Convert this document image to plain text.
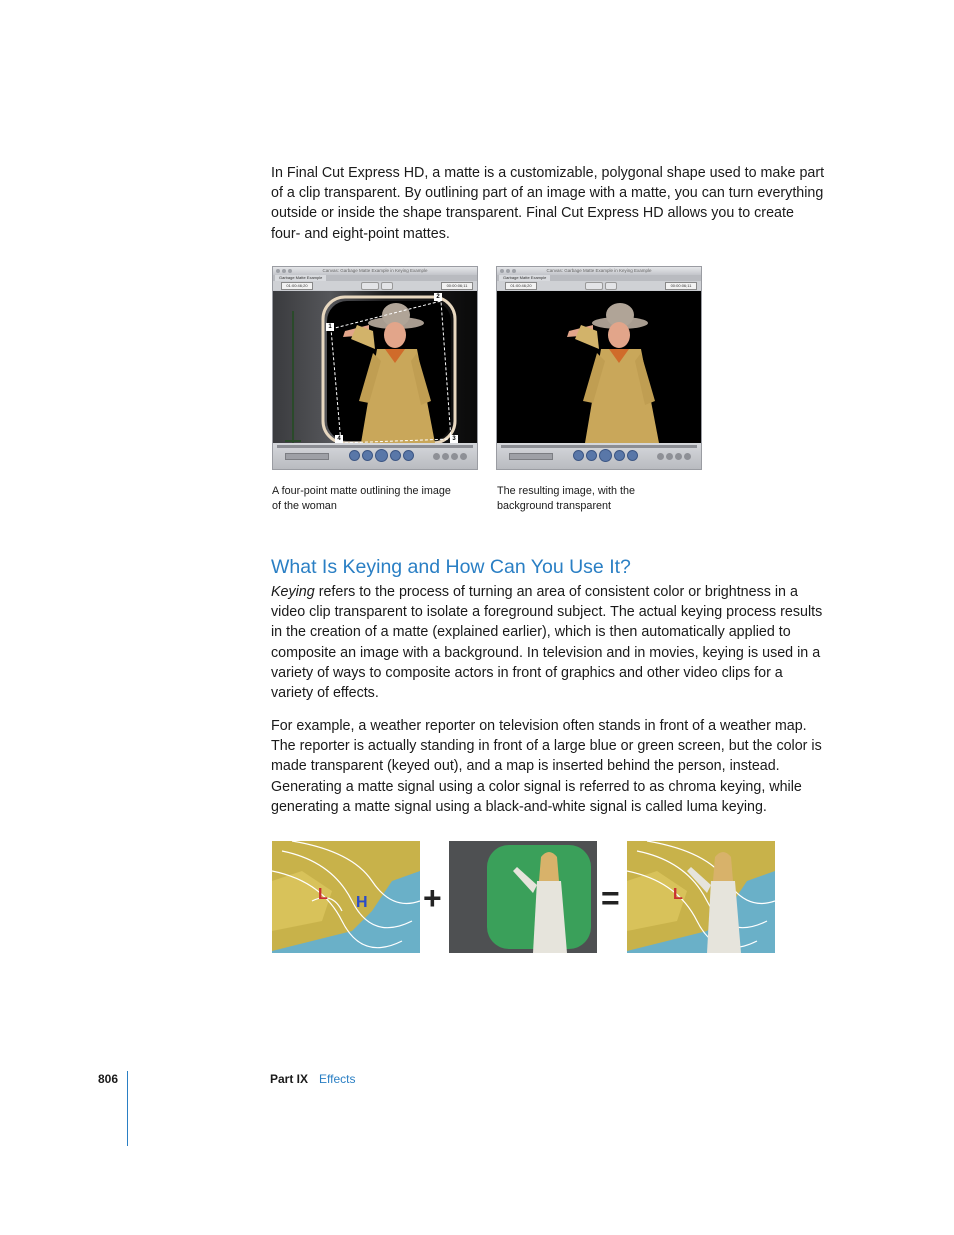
In Final Cut Express HD, a matte is a customizable, polygonal shape used to make part of a clip transparent. By outlining part of an image with a matte, you can turn everything outside or inside the shape transparent. Final Cut Express HD allows you to create four- and eight-point mattes.

Canvas: Garbage Matte Example in Keying Example
Garbage Matte Example
01:00:46;20	00:00:06;11
1
2
3
4
Canvas: Garbage Matte Example in Keying Example
Garbage Matte Example
01:00:46;20	00:00:06;11

A four-point matte outlining the image of the woman

The resulting image, with the background transparent

What Is Keying and How Can You Use It?

Keying refers to the process of turning an area of consistent color or brightness in a video clip transparent to isolate a foreground subject. The actual keying process results in the creation of a matte (explained earlier), which is then automatically applied to composite an image with a background. In television and in movies, keying is used in a variety of ways to composite actors in front of graphics and other video clips for a variety of effects.

For example, a weather reporter on television often stands in front of a weather map. The reporter is actually standing in front of a large blue or green screen, but the color is made transparent (keyed out), and a map is inserted behind the person, instead. Generating a matte signal using a color signal is referred to as chroma keying, while generating a matte signal using a black-and-white signal is called luma keying.

L H +	=	L
806	Part IX Effects
